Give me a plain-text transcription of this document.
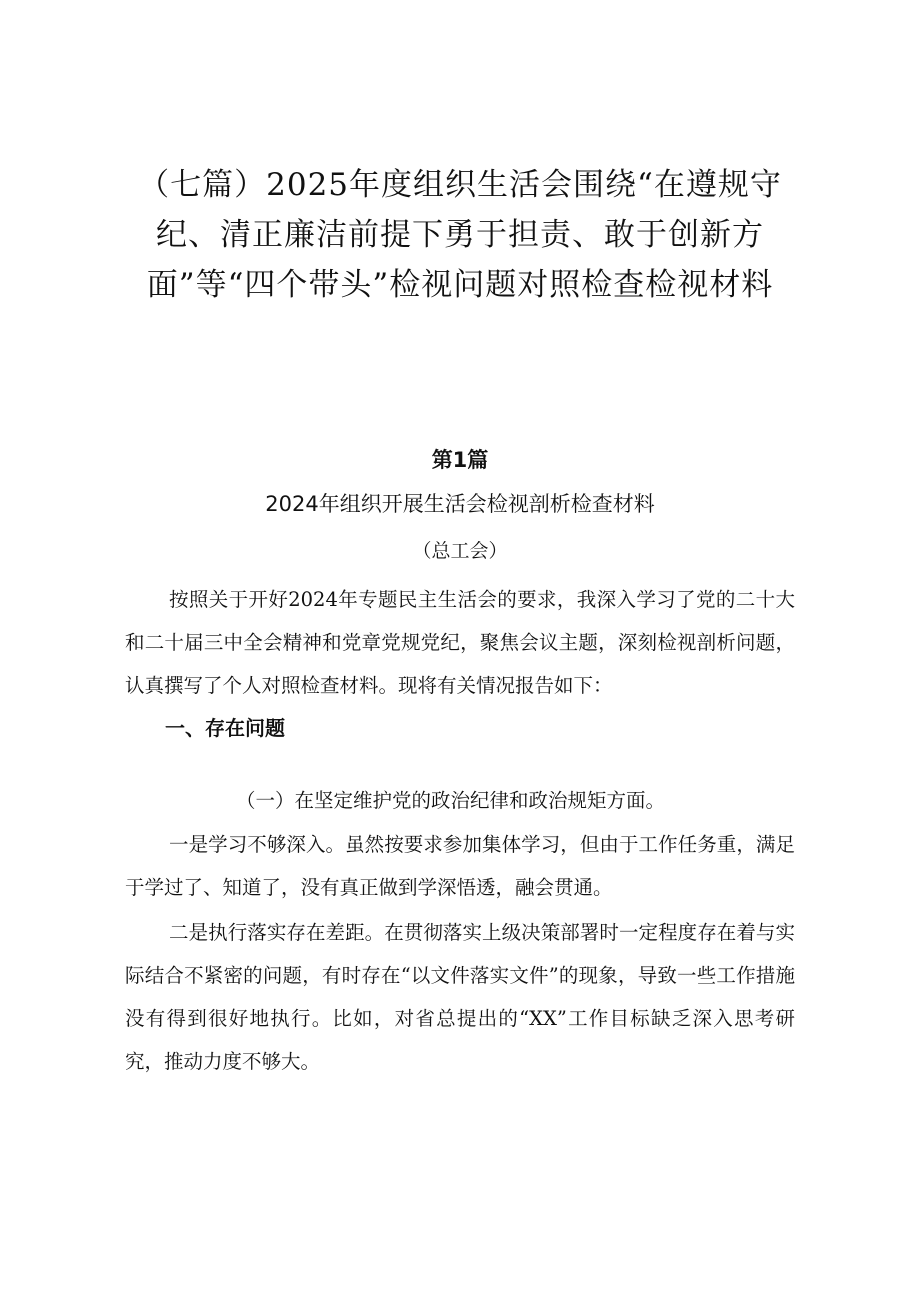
（七篇）2025年度组织生活会围绕“在遵规守纪、清正廉洁前提下勇于担责、敢于创新方面”等“四个带头”检视问题对照检查检视材料
第1篇
2024年组织开展生活会检视剖析检查材料

（总工会）

按照关于开好2024年专题民主生活会的要求，我深入学习了党的二十大和二十届三中全会精神和党章党规党纪，聚焦会议主题，深刻检视剖析问题，认真撰写了个人对照检查材料。现将有关情况报告如下：

一、存在问题

（一）在坚定维护党的政治纪律和政治规矩方面。

一是学习不够深入。虽然按要求参加集体学习，但由于工作任务重，满足于学过了、知道了，没有真正做到学深悟透，融会贯通。

二是执行落实存在差距。在贯彻落实上级决策部署时一定程度存在着与实际结合不紧密的问题，有时存在“以文件落实文件”的现象，导致一些工作措施没有得到很好地执行。比如，对省总提出的“XX”工作目标缺乏深入思考研究，推动力度不够大。
